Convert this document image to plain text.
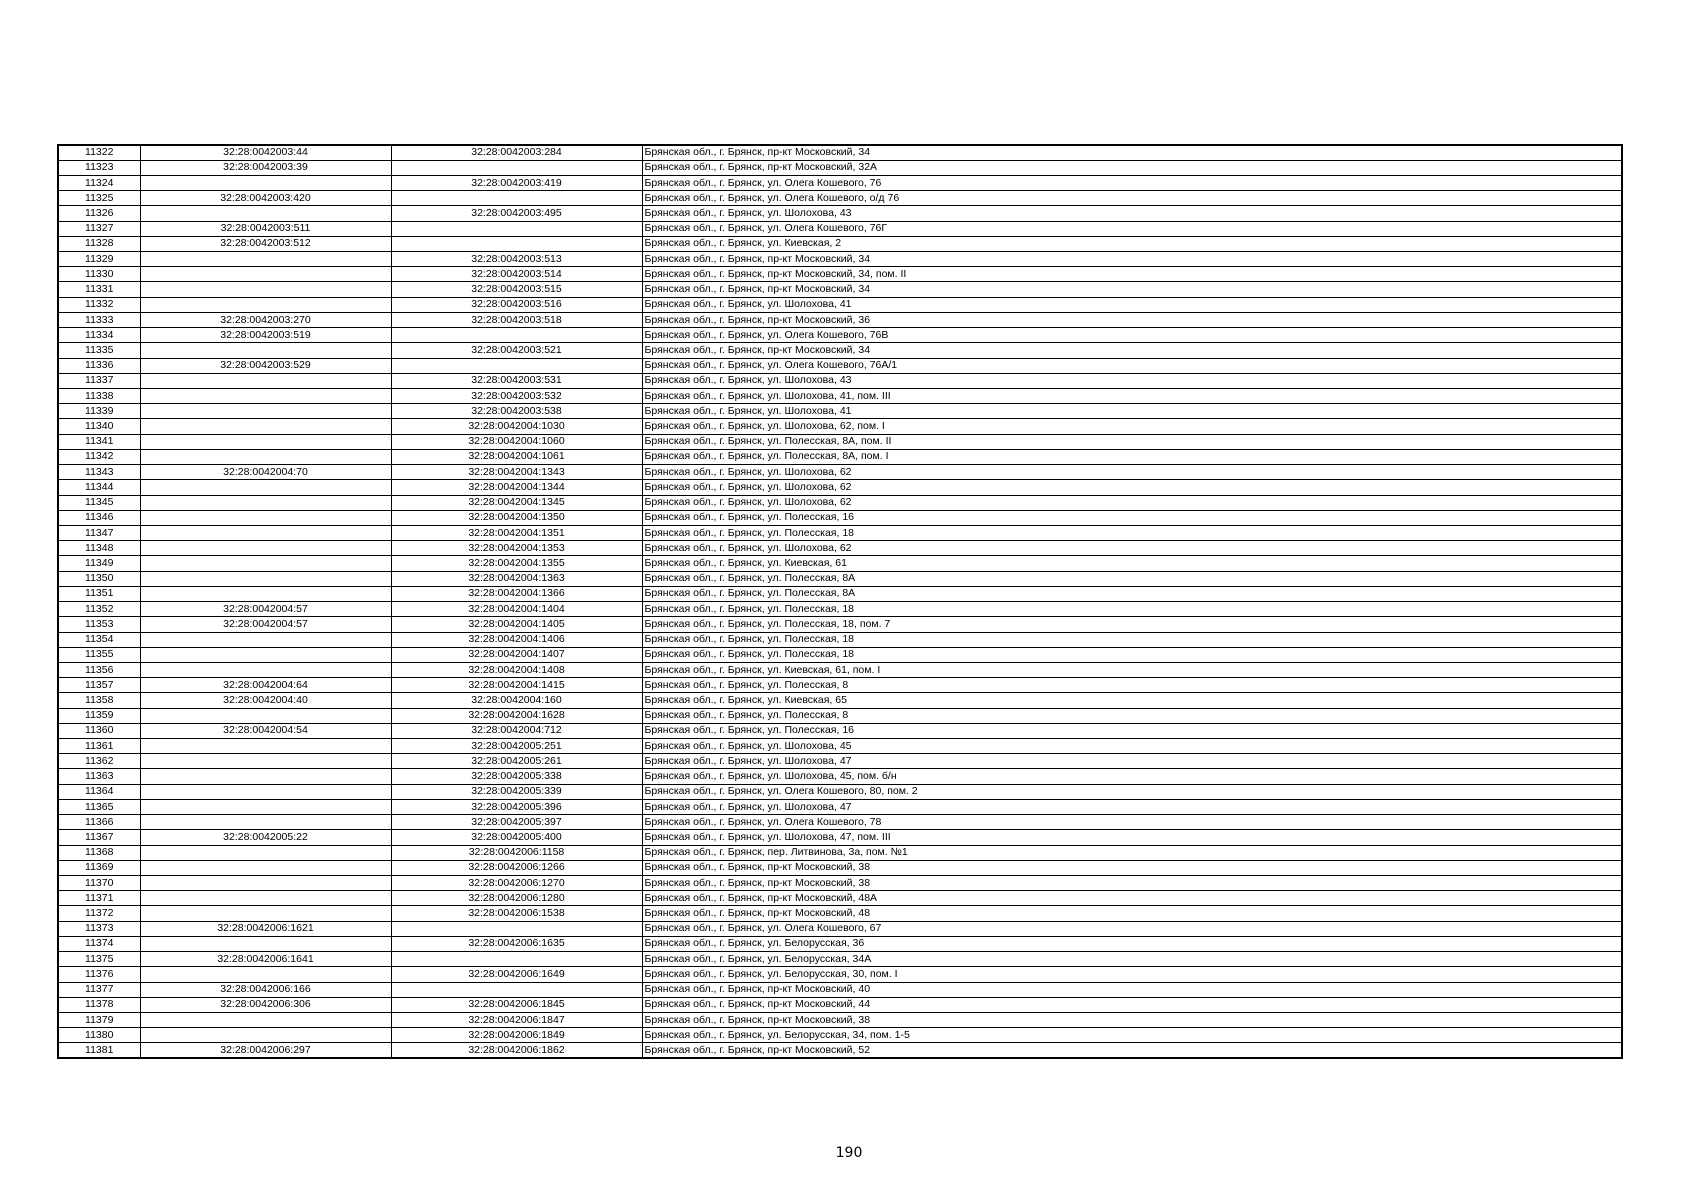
11322	32:28:0042003:44	32:28:0042003:284	Брянская обл., г. Брянск, пр-кт Московский, 34
11323	32:28:0042003:39		Брянская обл., г. Брянск, пр-кт Московский, 32А
11324		32:28:0042003:419	Брянская обл., г. Брянск, ул. Олега Кошевого, 76
11325	32:28:0042003:420		Брянская обл., г. Брянск, ул. Олега Кошевого, о/д 76
11326		32:28:0042003:495	Брянская обл., г. Брянск, ул. Шолохова, 43
11327	32:28:0042003:511		Брянская обл., г. Брянск, ул. Олега Кошевого, 76Г
11328	32:28:0042003:512		Брянская обл., г. Брянск, ул. Киевская, 2
11329		32:28:0042003:513	Брянская обл., г. Брянск, пр-кт Московский, 34
11330		32:28:0042003:514	Брянская обл., г. Брянск, пр-кт Московский, 34, пом. II
11331		32:28:0042003:515	Брянская обл., г. Брянск, пр-кт Московский, 34
11332		32:28:0042003:516	Брянская обл., г. Брянск, ул. Шолохова, 41
11333	32:28:0042003:270	32:28:0042003:518	Брянская обл., г. Брянск, пр-кт Московский, 36
11334	32:28:0042003:519		Брянская обл., г. Брянск, ул. Олега Кошевого, 76В
11335		32:28:0042003:521	Брянская обл., г. Брянск, пр-кт Московский, 34
11336	32:28:0042003:529		Брянская обл., г. Брянск, ул. Олега Кошевого, 76А/1
11337		32:28:0042003:531	Брянская обл., г. Брянск, ул. Шолохова, 43
11338		32:28:0042003:532	Брянская обл., г. Брянск, ул. Шолохова, 41, пом. III
11339		32:28:0042003:538	Брянская обл., г. Брянск, ул. Шолохова, 41
11340		32:28:0042004:1030	Брянская обл., г. Брянск, ул. Шолохова, 62, пом. I
11341		32:28:0042004:1060	Брянская обл., г. Брянск, ул. Полесская, 8А, пом. II
11342		32:28:0042004:1061	Брянская обл., г. Брянск, ул. Полесская, 8А, пом. I
11343	32:28:0042004:70	32:28:0042004:1343	Брянская обл., г. Брянск, ул. Шолохова, 62
11344		32:28:0042004:1344	Брянская обл., г. Брянск, ул. Шолохова, 62
11345		32:28:0042004:1345	Брянская обл., г. Брянск, ул. Шолохова, 62
11346		32:28:0042004:1350	Брянская обл., г. Брянск, ул. Полесская, 16
11347		32:28:0042004:1351	Брянская обл., г. Брянск, ул. Полесская, 18
11348		32:28:0042004:1353	Брянская обл., г. Брянск, ул. Шолохова, 62
11349		32:28:0042004:1355	Брянская обл., г. Брянск, ул. Киевская, 61
11350		32:28:0042004:1363	Брянская обл., г. Брянск, ул. Полесская, 8А
11351		32:28:0042004:1366	Брянская обл., г. Брянск, ул. Полесская, 8А
11352	32:28:0042004:57	32:28:0042004:1404	Брянская обл., г. Брянск, ул. Полесская, 18
11353	32:28:0042004:57	32:28:0042004:1405	Брянская обл., г. Брянск, ул. Полесская, 18, пом. 7
11354		32:28:0042004:1406	Брянская обл., г. Брянск, ул. Полесская, 18
11355		32:28:0042004:1407	Брянская обл., г. Брянск, ул. Полесская, 18
11356		32:28:0042004:1408	Брянская обл., г. Брянск, ул. Киевская, 61, пом. I
11357	32:28:0042004:64	32:28:0042004:1415	Брянская обл., г. Брянск, ул. Полесская, 8
11358	32:28:0042004:40	32:28:0042004:160	Брянская обл., г. Брянск, ул. Киевская, 65
11359		32:28:0042004:1628	Брянская обл., г. Брянск, ул. Полесская, 8
11360	32:28:0042004:54	32:28:0042004:712	Брянская обл., г. Брянск, ул. Полесская, 16
11361		32:28:0042005:251	Брянская обл., г. Брянск, ул. Шолохова, 45
11362		32:28:0042005:261	Брянская обл., г. Брянск, ул. Шолохова, 47
11363		32:28:0042005:338	Брянская обл., г. Брянск, ул. Шолохова, 45, пом. б/н
11364		32:28:0042005:339	Брянская обл., г. Брянск, ул. Олега Кошевого, 80, пом. 2
11365		32:28:0042005:396	Брянская обл., г. Брянск, ул. Шолохова, 47
11366		32:28:0042005:397	Брянская обл., г. Брянск, ул. Олега Кошевого, 78
11367	32:28:0042005:22	32:28:0042005:400	Брянская обл., г. Брянск, ул. Шолохова, 47, пом. III
11368		32:28:0042006:1158	Брянская обл., г. Брянск, пер. Литвинова, 3а, пом. №1
11369		32:28:0042006:1266	Брянская обл., г. Брянск, пр-кт Московский, 38
11370		32:28:0042006:1270	Брянская обл., г. Брянск, пр-кт Московский, 38
11371		32:28:0042006:1280	Брянская обл., г. Брянск, пр-кт Московский, 48А
11372		32:28:0042006:1538	Брянская обл., г. Брянск, пр-кт Московский, 48
11373	32:28:0042006:1621		Брянская обл., г. Брянск, ул. Олега Кошевого, 67
11374		32:28:0042006:1635	Брянская обл., г. Брянск, ул. Белорусская, 36
11375	32:28:0042006:1641		Брянская обл., г. Брянск, ул. Белорусская, 34А
11376		32:28:0042006:1649	Брянская обл., г. Брянск, ул. Белорусская, 30, пом. I
11377	32:28:0042006:166		Брянская обл., г. Брянск, пр-кт Московский, 40
11378	32:28:0042006:306	32:28:0042006:1845	Брянская обл., г. Брянск, пр-кт Московский, 44
11379		32:28:0042006:1847	Брянская обл., г. Брянск, пр-кт Московский, 38
11380		32:28:0042006:1849	Брянская обл., г. Брянск, ул. Белорусская, 34, пом. 1-5
11381	32:28:0042006:297	32:28:0042006:1862	Брянская обл., г. Брянск, пр-кт Московский, 52
190
